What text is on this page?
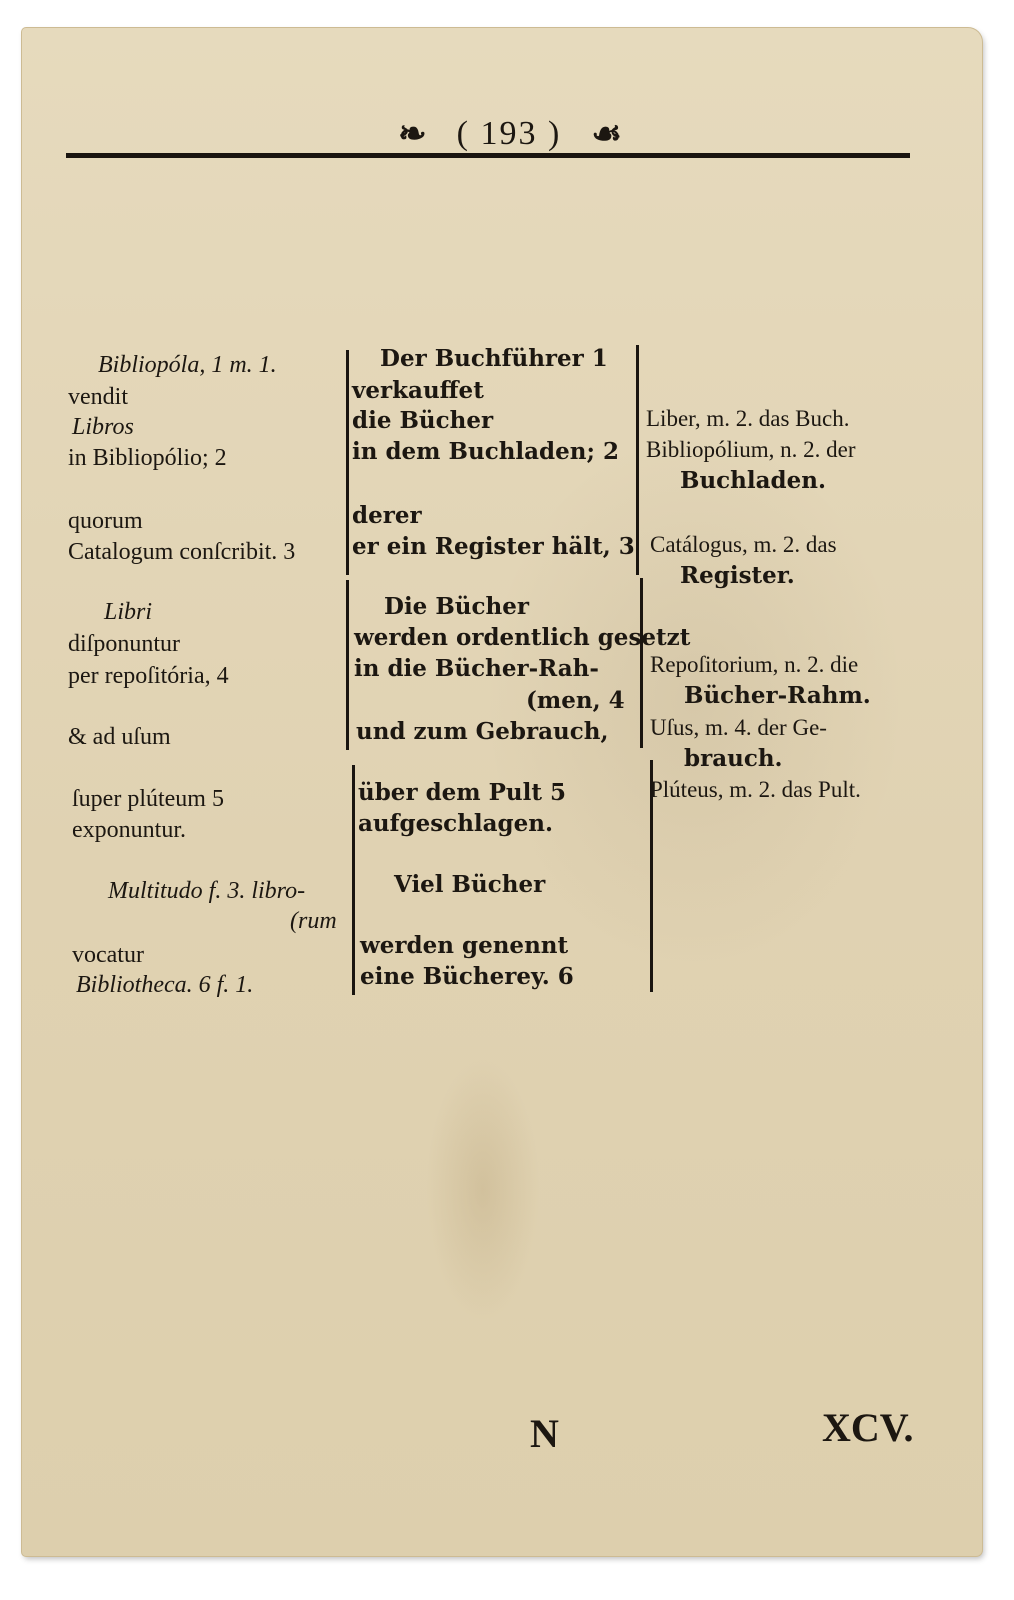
❧ ( 193 ) ☙
Bibliopóla, 1 m. 1.
vendit
Libros
in Bibliopólio; 2
quorum
Catalogum conſcribit. 3
Libri
diſponuntur
per repoſitória, 4
& ad uſum
ſuper plúteum 5
exponuntur.
Multitudo f. 3. libro-
(rum
vocatur
Bibliotheca. 6 f. 1.
Der Buchführer 1
verkauffet
die Bücher
in dem Buchladen; 2
derer
er ein Register hält, 3
Die Bücher
werden ordentlich gesetzt
in die Bücher-Rah-
(men, 4
und zum Gebrauch,
über dem Pult 5
aufgeschlagen.
Viel Bücher
werden genennt
eine Bücherey. 6
Liber, m. 2. das Buch.
Bibliopólium, n. 2. der
Buchladen.
Catálogus, m. 2. das
Register.
Repoſitorium, n. 2. die
Bücher-Rahm.
Uſus, m. 4. der Ge-
brauch.
Plúteus, m. 2. das Pult.
N	XCV.
